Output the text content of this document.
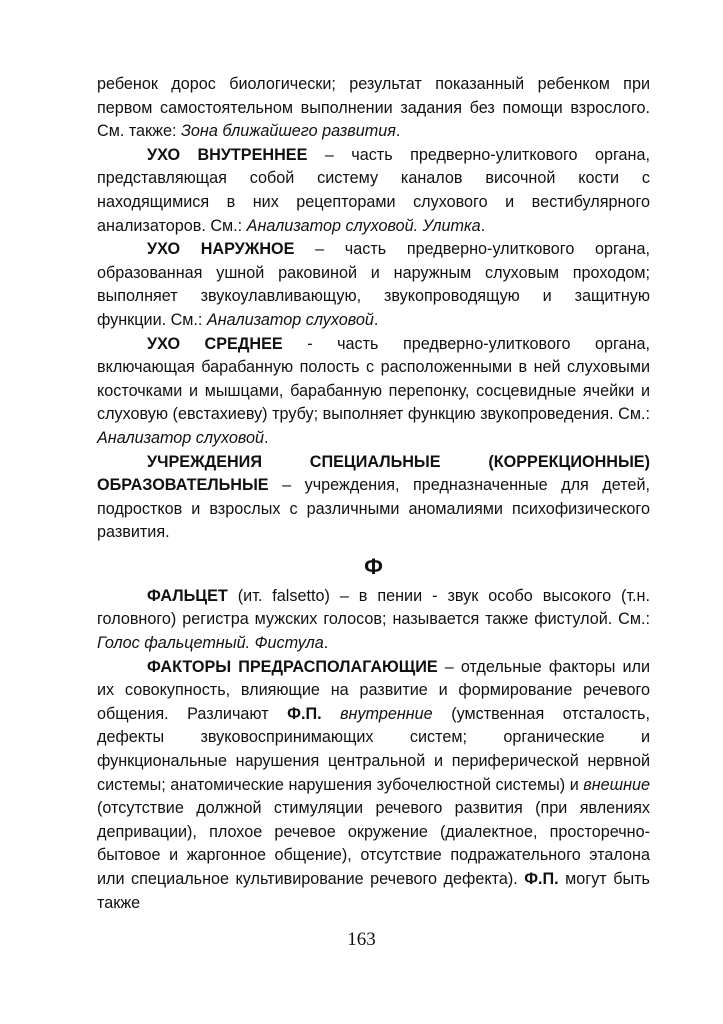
ребенок дорос биологически; результат показанный ребенком при первом самостоятельном выполнении задания без помощи взрослого. См. также: Зона ближайшего развития.

УХО ВНУТРЕННЕЕ – часть предверно-улиткового органа, представляющая собой систему каналов височной кости с находящимися в них рецепторами слухового и вестибулярного анализаторов. См.: Анализатор слуховой. Улитка.

УХО НАРУЖНОЕ – часть предверно-улиткового органа, образованная ушной раковиной и наружным слуховым проходом; выполняет звукоулавливающую, звукопроводящую и защитную функции. См.: Анализатор слуховой.

УХО СРЕДНЕЕ - часть предверно-улиткового органа, включающая барабанную полость с расположенными в ней слуховыми косточками и мышцами, барабанную перепонку, сосцевидные ячейки и слуховую (евстахиеву) трубу; выполняет функцию звукопроведения. См.: Анализатор слуховой.

УЧРЕЖДЕНИЯ СПЕЦИАЛЬНЫЕ (КОРРЕКЦИОННЫЕ) ОБРАЗОВАТЕЛЬНЫЕ – учреждения, предназначенные для детей, подростков и взрослых с различными аномалиями психофизического развития.

Ф

ФАЛЬЦЕТ (ит. falsetto) – в пении - звук особо высокого (т.н. головного) регистра мужских голосов; называется также фистулой. См.: Голос фальцетный. Фистула.

ФАКТОРЫ ПРЕДРАСПОЛАГАЮЩИЕ – отдельные факторы или их совокупность, влияющие на развитие и формирование речевого общения. Различают Ф.П. внутренние (умственная отсталость, дефекты звуковоспринимающих систем; органические и функциональные нарушения центральной и периферической нервной системы; анатомические нарушения зубочелюстной системы) и внешние (отсутствие должной стимуляции речевого развития (при явлениях депривации), плохое речевое окружение (диалектное, просторечно-бытовое и жаргонное общение), отсутствие подражательного эталона или специальное культивирование речевого дефекта). Ф.П. могут быть также

163
